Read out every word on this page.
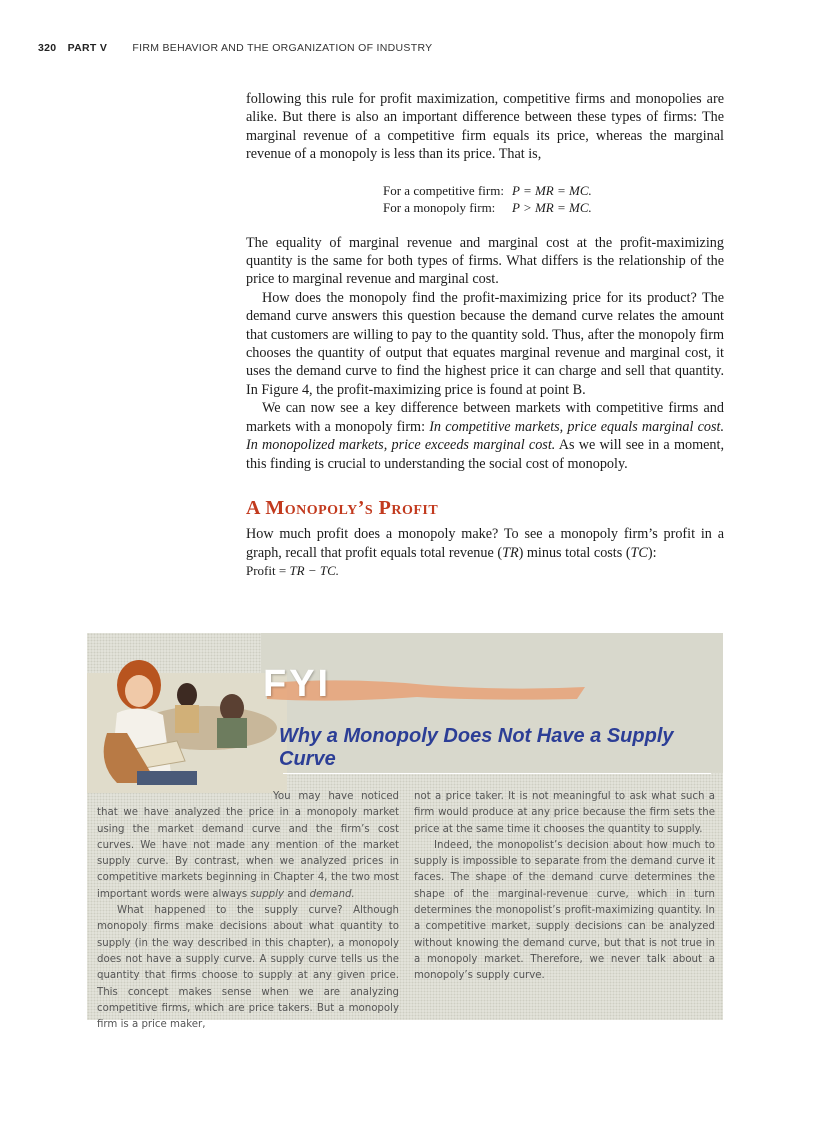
320 PART V FIRM BEHAVIOR AND THE ORGANIZATION OF INDUSTRY

following this rule for profit maximization, competitive firms and monopolies are alike. But there is also an important difference between these types of firms: The marginal revenue of a competitive firm equals its price, whereas the marginal revenue of a monopoly is less than its price. That is,

For a competitive firm: P = MR = MC.
For a monopoly firm: P > MR = MC.

The equality of marginal revenue and marginal cost at the profit-maximizing quantity is the same for both types of firms. What differs is the relationship of the price to marginal revenue and marginal cost.

How does the monopoly find the profit-maximizing price for its product? The demand curve answers this question because the demand curve relates the amount that customers are willing to pay to the quantity sold. Thus, after the monopoly firm chooses the quantity of output that equates marginal revenue and marginal cost, it uses the demand curve to find the highest price it can charge and sell that quantity. In Figure 4, the profit-maximizing price is found at point B.

We can now see a key difference between markets with competitive firms and markets with a monopoly firm: In competitive markets, price equals marginal cost. In monopolized markets, price exceeds marginal cost. As we will see in a moment, this finding is crucial to understanding the social cost of monopoly.

A Monopoly’s Profit

How much profit does a monopoly make? To see a monopoly firm’s profit in a graph, recall that profit equals total revenue (TR) minus total costs (TC):

Profit = TR − TC.

FYI
Why a Monopoly Does Not Have a Supply Curve

You may have noticed that we have analyzed the price in a monopoly market using the market demand curve and the firm’s cost curves. We have not made any mention of the market supply curve. By contrast, when we analyzed prices in competitive markets beginning in Chapter 4, the two most important words were always supply and demand.

What happened to the supply curve? Although monopoly firms make decisions about what quantity to supply (in the way described in this chapter), a monopoly does not have a supply curve. A supply curve tells us the quantity that firms choose to supply at any given price. This concept makes sense when we are analyzing competitive firms, which are price takers. But a monopoly firm is a price maker,

not a price taker. It is not meaningful to ask what such a firm would produce at any price because the firm sets the price at the same time it chooses the quantity to supply.

Indeed, the monopolist’s decision about how much to supply is impossible to separate from the demand curve it faces. The shape of the demand curve determines the shape of the marginal-revenue curve, which in turn determines the monopolist’s profit-maximizing quantity. In a competitive market, supply decisions can be analyzed without knowing the demand curve, but that is not true in a monopoly market. Therefore, we never talk about a monopoly’s supply curve.
